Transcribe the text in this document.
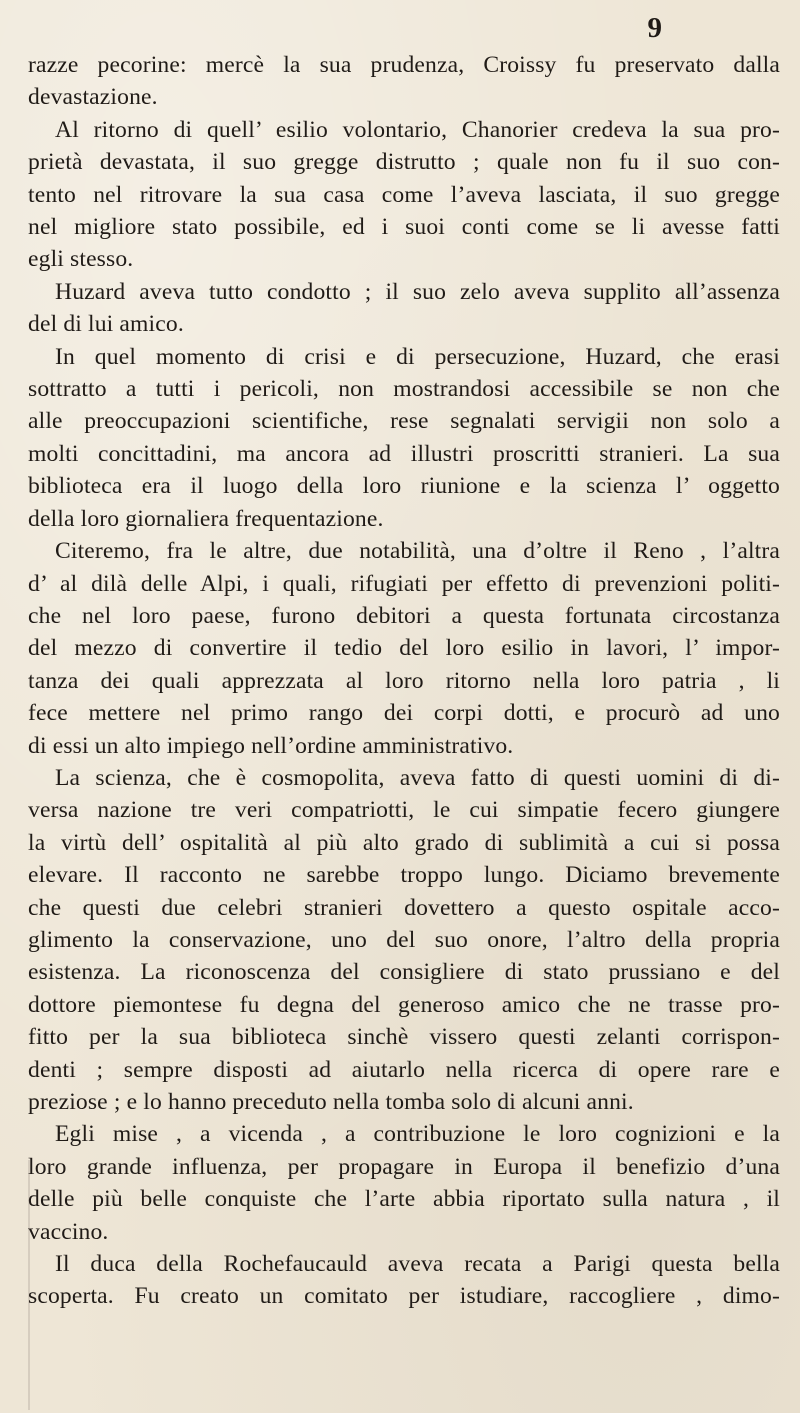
9
razze pecorine: mercè la sua prudenza, Croissy fu preservato dalla
devastazione.
Al ritorno di quell’ esilio volontario, Chanorier credeva la sua pro-
prietà devastata, il suo gregge distrutto ; quale non fu il suo con-
tento nel ritrovare la sua casa come l’aveva lasciata, il suo gregge
nel migliore stato possibile, ed i suoi conti come se li avesse fatti
egli stesso.
Huzard aveva tutto condotto ; il suo zelo aveva supplito all’assenza
del di lui amico.
In quel momento di crisi e di persecuzione, Huzard, che erasi
sottratto a tutti i pericoli, non mostrandosi accessibile se non che
alle preoccupazioni scientifiche, rese segnalati servigii non solo a
molti concittadini, ma ancora ad illustri proscritti stranieri. La sua
biblioteca era il luogo della loro riunione e la scienza l’ oggetto
della loro giornaliera frequentazione.
Citeremo, fra le altre, due notabilità, una d’oltre il Reno , l’altra
d’ al dilà delle Alpi, i quali, rifugiati per effetto di prevenzioni politi-
che nel loro paese, furono debitori a questa fortunata circostanza
del mezzo di convertire il tedio del loro esilio in lavori, l’ impor-
tanza dei quali apprezzata al loro ritorno nella loro patria , li
fece mettere nel primo rango dei corpi dotti, e procurò ad uno
di essi un alto impiego nell’ordine amministrativo.
La scienza, che è cosmopolita, aveva fatto di questi uomini di di-
versa nazione tre veri compatriotti, le cui simpatie fecero giungere
la virtù dell’ ospitalità al più alto grado di sublimità a cui si possa
elevare. Il racconto ne sarebbe troppo lungo. Diciamo brevemente
che questi due celebri stranieri dovettero a questo ospitale acco-
glimento la conservazione, uno del suo onore, l’altro della propria
esistenza. La riconoscenza del consigliere di stato prussiano e del
dottore piemontese fu degna del generoso amico che ne trasse pro-
fitto per la sua biblioteca sinchè vissero questi zelanti corrispon-
denti ; sempre disposti ad aiutarlo nella ricerca di opere rare e
preziose ; e lo hanno preceduto nella tomba solo di alcuni anni.
Egli mise , a vicenda , a contribuzione le loro cognizioni e la
loro grande influenza, per propagare in Europa il benefizio d’una
delle più belle conquiste che l’arte abbia riportato sulla natura , il
vaccino.
Il duca della Rochefaucauld aveva recata a Parigi questa bella
scoperta. Fu creato un comitato per istudiare, raccogliere , dimo-
